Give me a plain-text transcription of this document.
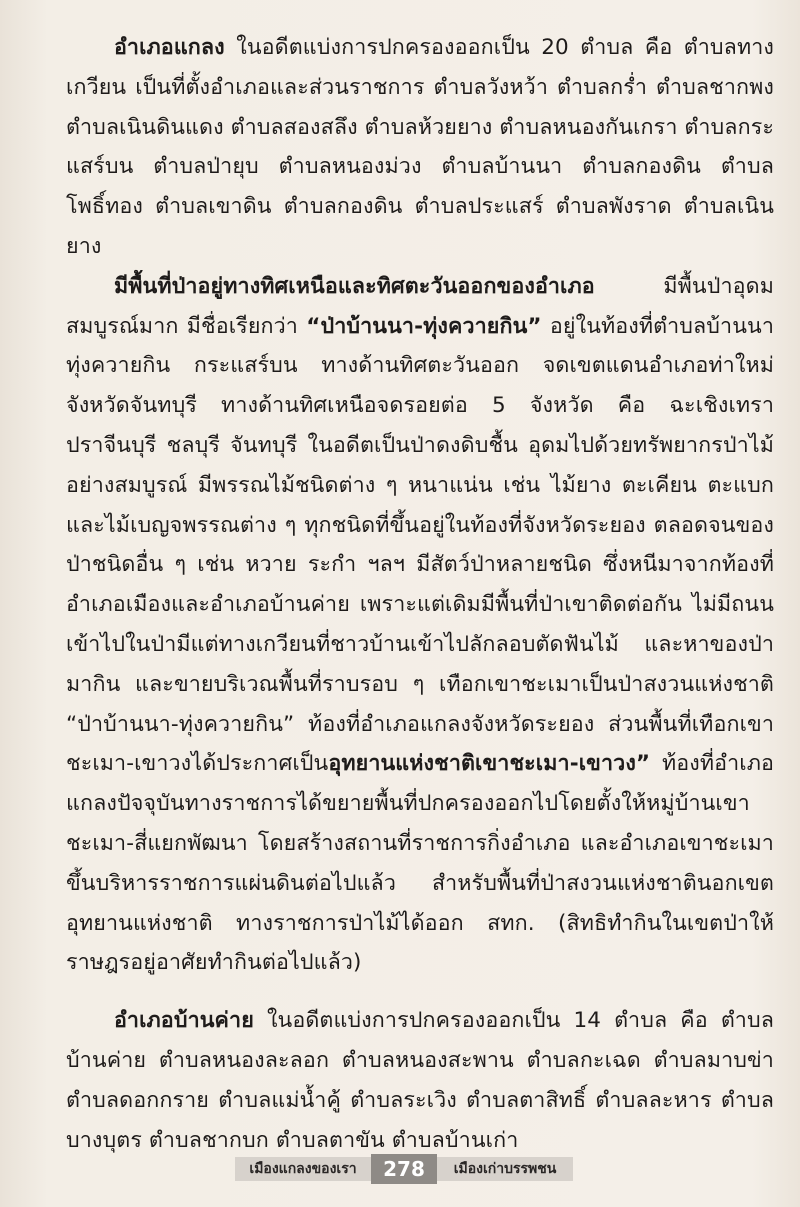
อำเภอแกลง ในอดีตแบ่งการปกครองออกเป็น 20 ตำบล คือ ตำบลทางเกวียน เป็นที่ตั้งอำเภอและส่วนราชการ ตำบลวังหว้า ตำบลกร่ำ ตำบลชากพง ตำบลเนินดินแดง ตำบลสองสลึง ตำบลห้วยยาง ตำบลหนองกันเกรา ตำบลกระแสร์บน ตำบลป่ายุบ ตำบลหนองม่วง ตำบลบ้านนา ตำบลกองดิน ตำบลโพธิ์ทอง ตำบลเขาดิน ตำบลกองดิน ตำบลประแสร์ ตำบลพังราด ตำบลเนินยาง

มีพื้นที่ป่าอยู่ทางทิศเหนือและทิศตะวันออกของอำเภอ	มีพื้นป่าอุดมสมบูรณ์มาก มีชื่อเรียกว่า “ป่าบ้านนา-ทุ่งควายกิน” อยู่ในท้องที่ตำบลบ้านนา ทุ่งควายกิน กระแสร์บน ทางด้านทิศตะวันออก จดเขตแดนอำเภอท่าใหม่จังหวัดจันทบุรี ทางด้านทิศเหนือจดรอยต่อ 5 จังหวัด คือ ฉะเชิงเทรา ปราจีนบุรี ชลบุรี จันทบุรี ในอดีตเป็นป่าดงดิบชื้น อุดมไปด้วยทรัพยากรป่าไม้อย่างสมบูรณ์ มีพรรณไม้ชนิดต่าง ๆ หนาแน่น เช่น ไม้ยาง ตะเคียน ตะแบก และไม้เบญจพรรณต่าง ๆ ทุกชนิดที่ขึ้นอยู่ในท้องที่จังหวัดระยอง ตลอดจนของป่าชนิดอื่น ๆ เช่น หวาย ระกำ ฯลฯ มีสัตว์ป่าหลายชนิด ซึ่งหนีมาจากท้องที่อำเภอเมืองและอำเภอบ้านค่าย เพราะแต่เดิมมีพื้นที่ป่าเขาติดต่อกัน ไม่มีถนนเข้าไปในป่ามีแต่ทางเกวียนที่ชาวบ้านเข้าไปลักลอบตัดฟันไม้ และหาของป่ามากิน และขายบริเวณพื้นที่ราบรอบ ๆ เทือกเขาชะเมาเป็นป่าสงวนแห่งชาติ “ป่าบ้านนา-ทุ่งควายกิน” ท้องที่อำเภอแกลงจังหวัดระยอง ส่วนพื้นที่เทือกเขาชะเมา-เขาวงได้ประกาศเป็นอุทยานแห่งชาติเขาชะเมา-เขาวง” ท้องที่อำเภอแกลงปัจจุบันทางราชการได้ขยายพื้นที่ปกครองออกไปโดยตั้งให้หมู่บ้านเขาชะเมา-สี่แยกพัฒนา โดยสร้างสถานที่ราชการกิ่งอำเภอ และอำเภอเขาชะเมาขึ้นบริหารราชการแผ่นดินต่อไปแล้ว สำหรับพื้นที่ป่าสงวนแห่งชาตินอกเขตอุทยานแห่งชาติ ทางราชการป่าไม้ได้ออก สทก. (สิทธิทำกินในเขตป่าให้ราษฎรอยู่อาศัยทำกินต่อไปแล้ว)

อำเภอบ้านค่าย ในอดีตแบ่งการปกครองออกเป็น 14 ตำบล คือ ตำบลบ้านค่าย ตำบลหนองละลอก ตำบลหนองสะพาน ตำบลกะเฉด ตำบลมาบข่า ตำบลดอกกราย ตำบลแม่น้ำคู้ ตำบลระเวิง ตำบลตาสิทธิ์ ตำบลละหาร ตำบลบางบุตร ตำบลชากบก ตำบลตาขัน ตำบลบ้านเก่า

เมืองแกลงของเรา	278	เมืองเก่าบรรพชน
